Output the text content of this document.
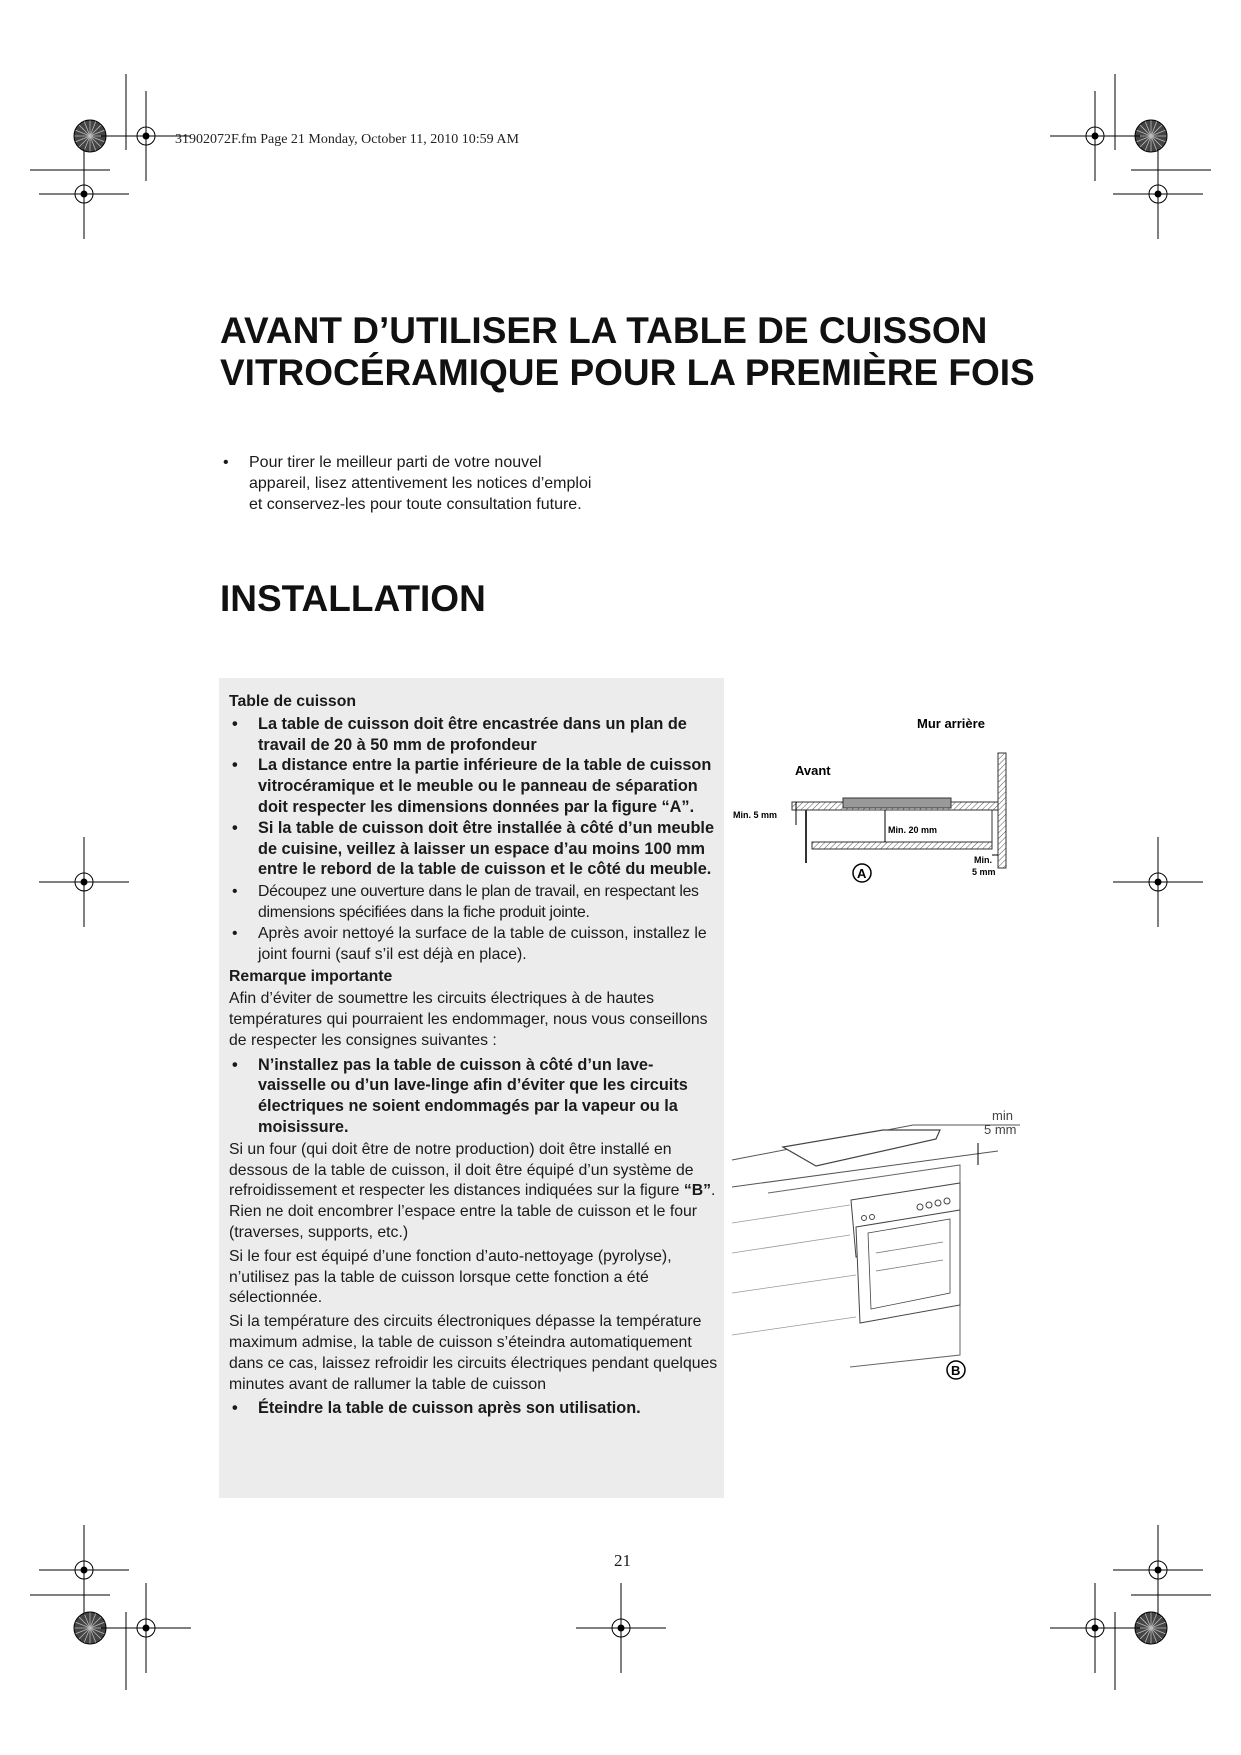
31902072F.fm Page 21 Monday, October 11, 2010 10:59 AM
AVANT D’UTILISER LA TABLE DE CUISSON
VITROCÉRAMIQUE POUR LA PREMIÈRE FOIS
• Pour tirer le meilleur parti de votre nouvel
appareil, lisez attentivement les notices d’emploi
et conservez-les pour toute consultation future.
INSTALLATION

Table de cuisson

• La table de cuisson doit être encastrée dans un plan de travail de 20 à 50 mm de profondeur
• La distance entre la partie inférieure de la table de cuisson vitrocéramique et le meuble ou le panneau de séparation doit respecter les dimensions données par la figure “A”.
• Si la table de cuisson doit être installée à côté d’un meuble de cuisine, veillez à laisser un espace d’au moins 100 mm entre le rebord de la table de cuisson et le côté du meuble.
• Découpez une ouverture dans le plan de travail, en respectant les dimensions spécifiées dans la fiche produit jointe.
• Après avoir nettoyé la surface de la table de cuisson, installez le joint fourni (sauf s’il est déjà en place).

Remarque importante

Afin d’éviter de soumettre les circuits électriques à de hautes températures qui pourraient les endommager, nous vous conseillons de respecter les consignes suivantes :

• N’installez pas la table de cuisson à côté d’un lave-vaisselle ou d’un lave-linge afin d’éviter que les circuits électriques ne soient endommagés par la vapeur ou la moisissure.

Si un four (qui doit être de notre production) doit être installé en dessous de la table de cuisson, il doit être équipé d’un système de refroidissement et respecter les distances indiquées sur la figure “B”. Rien ne doit encombrer l’espace entre la table de cuisson et le four (traverses, supports, etc.)

Si le four est équipé d’une fonction d’auto-nettoyage (pyrolyse), n’utilisez pas la table de cuisson lorsque cette fonction a été sélectionnée.

Si la température des circuits électroniques dépasse la température maximum admise, la table de cuisson s’éteindra automatiquement dans ce cas, laissez refroidir les circuits électriques pendant quelques minutes avant de rallumer la table de cuisson

• Éteindre la table de cuisson après son utilisation.
Mur arrière
Avant
Min. 5 mm
Min. 20 mm
Min.
5 mm
A
min
5 mm
B
21
